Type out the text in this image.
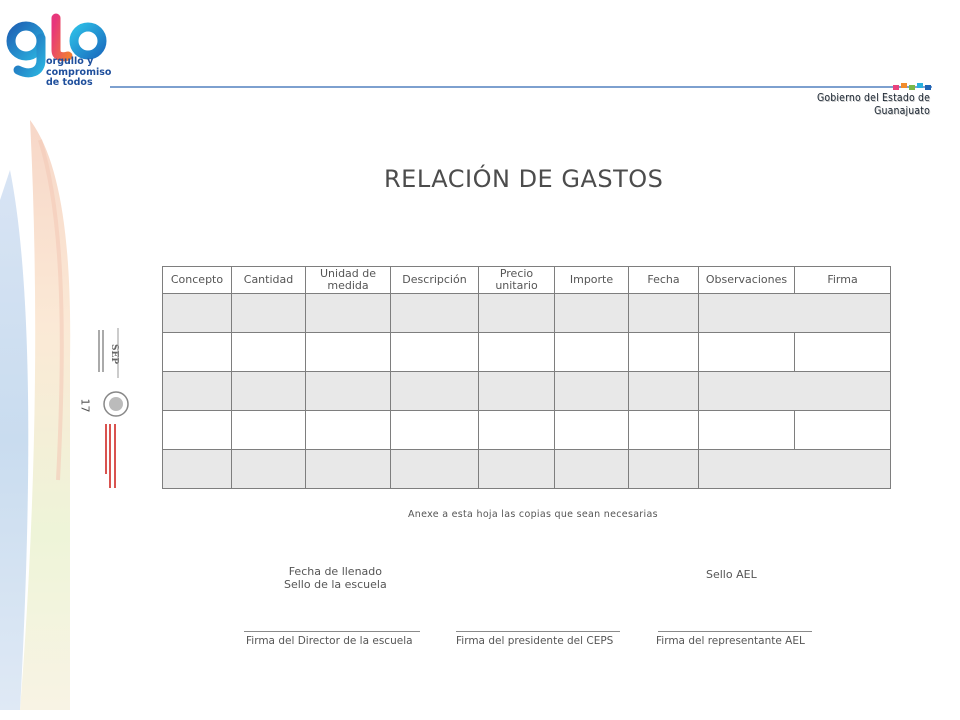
orgullo y
compromiso
de todos
Gobierno del Estado de Guanajuato
RELACIÓN DE GASTOS
SEP
17
Concepto	Cantidad	Unidad de medida	Descripción	Precio unitario	Importe	Fecha	Observaciones	Firma

Anexe a esta hoja las copias que sean necesarias
Fecha de llenado
Sello de la escuela
Sello AEL
Firma del Director de la escuela	Firma del presidente del CEPS	Firma del representante AEL
